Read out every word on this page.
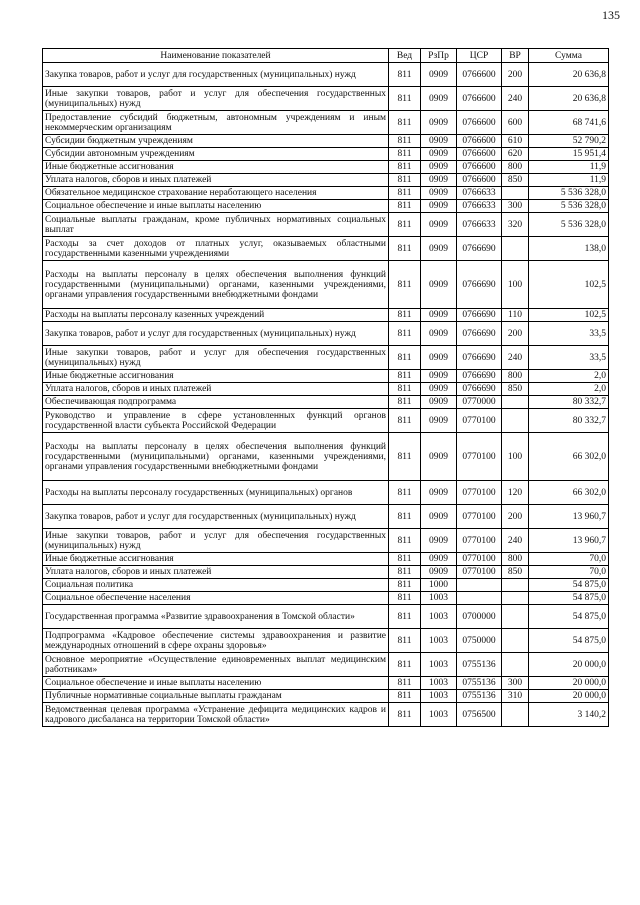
135
Наименование показателей	Вед	РзПр	ЦСР	ВР	Сумма
Закупка товаров, работ и услуг для государственных (муниципальных) нужд	811	0909	0766600	200	20 636,8
Иные закупки товаров, работ и услуг для обеспечения государственных (муниципальных) нужд	811	0909	0766600	240	20 636,8
Предоставление субсидий бюджетным, автономным учреждениям и иным некоммерческим организациям	811	0909	0766600	600	68 741,6
Субсидии бюджетным учреждениям	811	0909	0766600	610	52 790,2
Субсидии автономным учреждениям	811	0909	0766600	620	15 951,4
Иные бюджетные ассигнования	811	0909	0766600	800	11,9
Уплата налогов, сборов и иных платежей	811	0909	0766600	850	11,9
Обязательное медицинское страхование неработающего населения	811	0909	0766633		5 536 328,0
Социальное обеспечение и иные выплаты населению	811	0909	0766633	300	5 536 328,0
Социальные выплаты гражданам, кроме публичных нормативных социальных выплат	811	0909	0766633	320	5 536 328,0
Расходы за счет доходов от платных услуг, оказываемых областными государственными казенными учреждениями	811	0909	0766690		138,0
Расходы на выплаты персоналу в целях обеспечения выполнения функций государственными (муниципальными) органами, казенными учреждениями, органами управления государственными внебюджетными фондами	811	0909	0766690	100	102,5
Расходы на выплаты персоналу казенных учреждений	811	0909	0766690	110	102,5
Закупка товаров, работ и услуг для государственных (муниципальных) нужд	811	0909	0766690	200	33,5
Иные закупки товаров, работ и услуг для обеспечения государственных (муниципальных) нужд	811	0909	0766690	240	33,5
Иные бюджетные ассигнования	811	0909	0766690	800	2,0
Уплата налогов, сборов и иных платежей	811	0909	0766690	850	2,0
Обеспечивающая подпрограмма	811	0909	0770000		80 332,7
Руководство и управление в сфере установленных функций органов государственной власти субъекта Российской Федерации	811	0909	0770100		80 332,7
Расходы на выплаты персоналу в целях обеспечения выполнения функций государственными (муниципальными) органами, казенными учреждениями, органами управления государственными внебюджетными фондами	811	0909	0770100	100	66 302,0
Расходы на выплаты персоналу государственных (муниципальных) органов	811	0909	0770100	120	66 302,0
Закупка товаров, работ и услуг для государственных (муниципальных) нужд	811	0909	0770100	200	13 960,7
Иные закупки товаров, работ и услуг для обеспечения государственных (муниципальных) нужд	811	0909	0770100	240	13 960,7
Иные бюджетные ассигнования	811	0909	0770100	800	70,0
Уплата налогов, сборов и иных платежей	811	0909	0770100	850	70,0
Социальная политика	811	1000			54 875,0
Социальное обеспечение населения	811	1003			54 875,0
Государственная программа «Развитие здравоохранения в Томской области»	811	1003	0700000		54 875,0
Подпрограмма «Кадровое обеспечение системы здравоохранения и развитие международных отношений в сфере охраны здоровья»	811	1003	0750000		54 875,0
Основное мероприятие «Осуществление единовременных выплат медицинским работникам»	811	1003	0755136		20 000,0
Социальное обеспечение и иные выплаты населению	811	1003	0755136	300	20 000,0
Публичные нормативные социальные выплаты гражданам	811	1003	0755136	310	20 000,0
Ведомственная целевая программа «Устранение дефицита медицинских кадров и кадрового дисбаланса на территории Томской области»	811	1003	0756500		3 140,2
